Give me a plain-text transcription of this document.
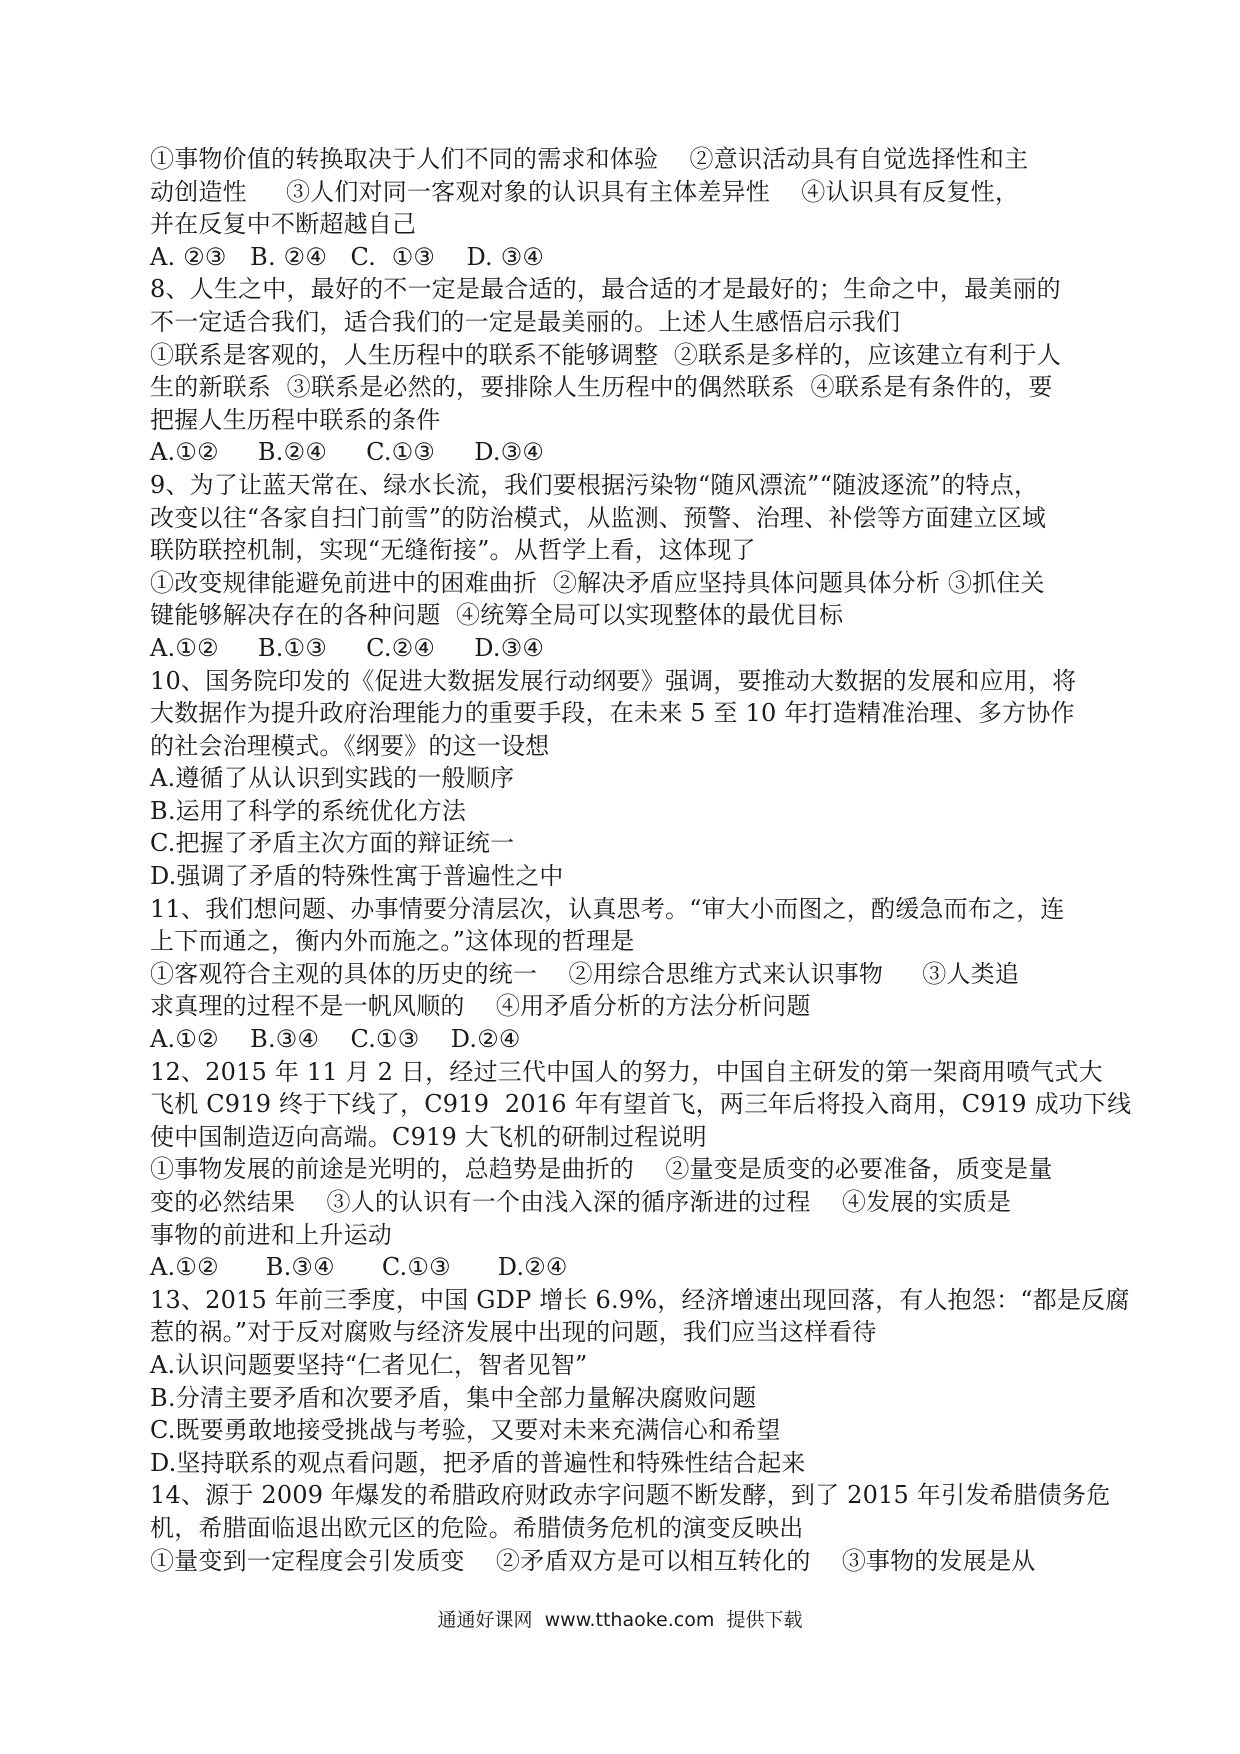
①事物价值的转换取决于人们不同的需求和体验    ②意识活动具有自觉选择性和主
动创造性     ③人们对同一客观对象的认识具有主体差异性    ④认识具有反复性，
并在反复中不断超越自己
A. ②③   B. ②④   C.  ①③    D. ③④
8、人生之中，最好的不一定是最合适的，最合适的才是最好的；生命之中，最美丽的
不一定适合我们，适合我们的一定是最美丽的。上述人生感悟启示我们
①联系是客观的，人生历程中的联系不能够调整  ②联系是多样的，应该建立有利于人
生的新联系  ③联系是必然的，要排除人生历程中的偶然联系  ④联系是有条件的，要
把握人生历程中联系的条件
A.①②     B.②④     C.①③     D.③④
9、为了让蓝天常在、绿水长流，我们要根据污染物“随风漂流”“随波逐流”的特点，
改变以往“各家自扫门前雪”的防治模式，从监测、预警、治理、补偿等方面建立区域
联防联控机制，实现“无缝衔接”。从哲学上看，这体现了
①改变规律能避免前进中的困难曲折  ②解决矛盾应坚持具体问题具体分析 ③抓住关
键能够解决存在的各种问题  ④统筹全局可以实现整体的最优目标
A.①②     B.①③     C.②④     D.③④
10、国务院印发的《促进大数据发展行动纲要》强调，要推动大数据的发展和应用，将
大数据作为提升政府治理能力的重要手段，在未来 5 至 10 年打造精准治理、多方协作
的社会治理模式。《纲要》的这一设想
A.遵循了从认识到实践的一般顺序
B.运用了科学的系统优化方法
C.把握了矛盾主次方面的辩证统一
D.强调了矛盾的特殊性寓于普遍性之中
11、我们想问题、办事情要分清层次，认真思考。“审大小而图之，酌缓急而布之，连
上下而通之，衡内外而施之。”这体现的哲理是
①客观符合主观的具体的历史的统一    ②用综合思维方式来认识事物     ③人类追
求真理的过程不是一帆风顺的    ④用矛盾分析的方法分析问题
A.①②    B.③④    C.①③    D.②④
12、2015 年 11 月 2 日，经过三代中国人的努力，中国自主研发的第一架商用喷气式大
飞机 C919 终于下线了，C919  2016 年有望首飞，两三年后将投入商用，C919 成功下线
使中国制造迈向高端。C919 大飞机的研制过程说明
①事物发展的前途是光明的，总趋势是曲折的    ②量变是质变的必要准备，质变是量
变的必然结果    ③人的认识有一个由浅入深的循序渐进的过程    ④发展的实质是
事物的前进和上升运动
A.①②      B.③④      C.①③      D.②④
13、2015 年前三季度，中国 GDP 增长 6.9%，经济增速出现回落，有人抱怨：“都是反腐
惹的祸。”对于反对腐败与经济发展中出现的问题，我们应当这样看待
A.认识问题要坚持“仁者见仁，智者见智”
B.分清主要矛盾和次要矛盾，集中全部力量解决腐败问题
C.既要勇敢地接受挑战与考验，又要对未来充满信心和希望
D.坚持联系的观点看问题，把矛盾的普遍性和特殊性结合起来
14、源于 2009 年爆发的希腊政府财政赤字问题不断发酵，到了 2015 年引发希腊债务危
机，希腊面临退出欧元区的危险。希腊债务危机的演变反映出
①量变到一定程度会引发质变    ②矛盾双方是可以相互转化的    ③事物的发展是从
通通好课网  www.tthaoke.com  提供下载
